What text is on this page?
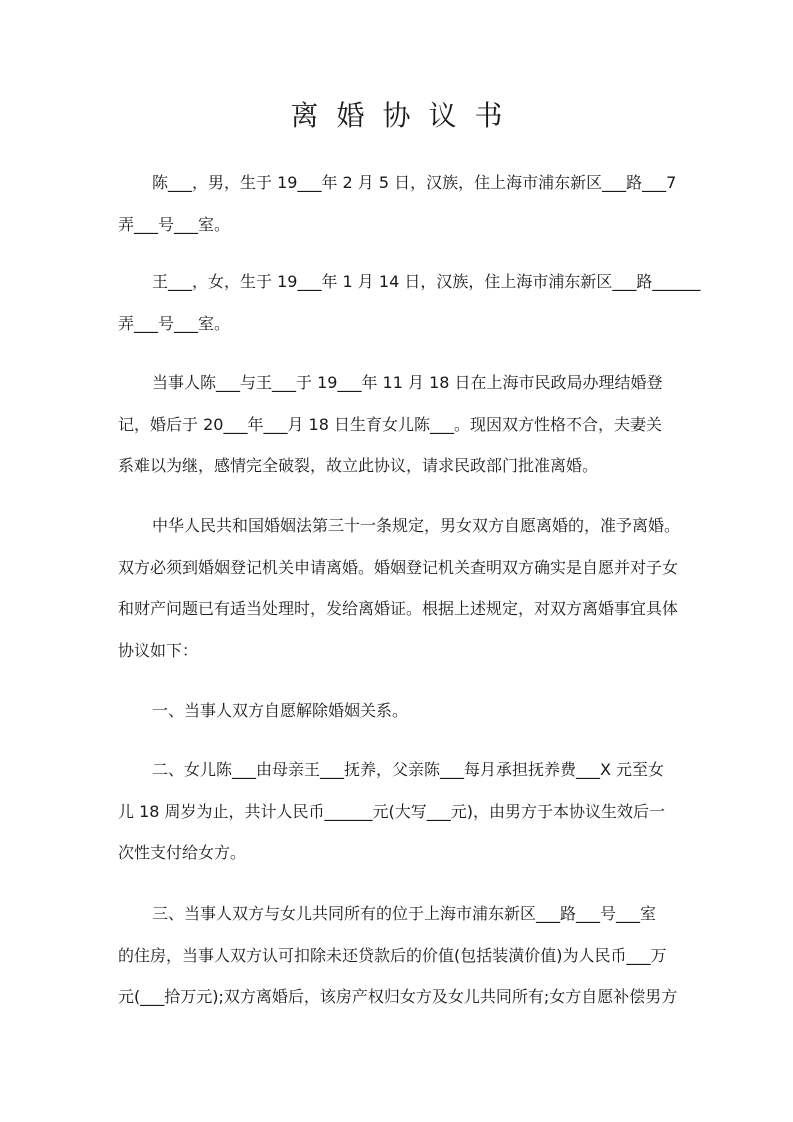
离婚协议书
陈___，男，生于 19___年 2 月 5 日，汉族，住上海市浦东新区___路___7
弄___号___室。
王___，女，生于 19___年 1 月 14 日，汉族，住上海市浦东新区___路______
弄___号___室。
当事人陈___与王___于 19___年 11 月 18 日在上海市民政局办理结婚登
记，婚后于 20___年___月 18 日生育女儿陈___。现因双方性格不合，夫妻关
系难以为继，感情完全破裂，故立此协议，请求民政部门批准离婚。
中华人民共和国婚姻法第三十一条规定，男女双方自愿离婚的，准予离婚。
双方必须到婚姻登记机关申请离婚。婚姻登记机关查明双方确实是自愿并对子女
和财产问题已有适当处理时，发给离婚证。根据上述规定，对双方离婚事宜具体
协议如下：
一、当事人双方自愿解除婚姻关系。
二、女儿陈___由母亲王___抚养，父亲陈___每月承担抚养费___X 元至女
儿 18 周岁为止，共计人民币______元(大写___元)，由男方于本协议生效后一
次性支付给女方。
三、当事人双方与女儿共同所有的位于上海市浦东新区___路___号___室
的住房，当事人双方认可扣除未还贷款后的价值(包括装潢价值)为人民币___万
元(___拾万元);双方离婚后，该房产权归女方及女儿共同所有;女方自愿补偿男方
